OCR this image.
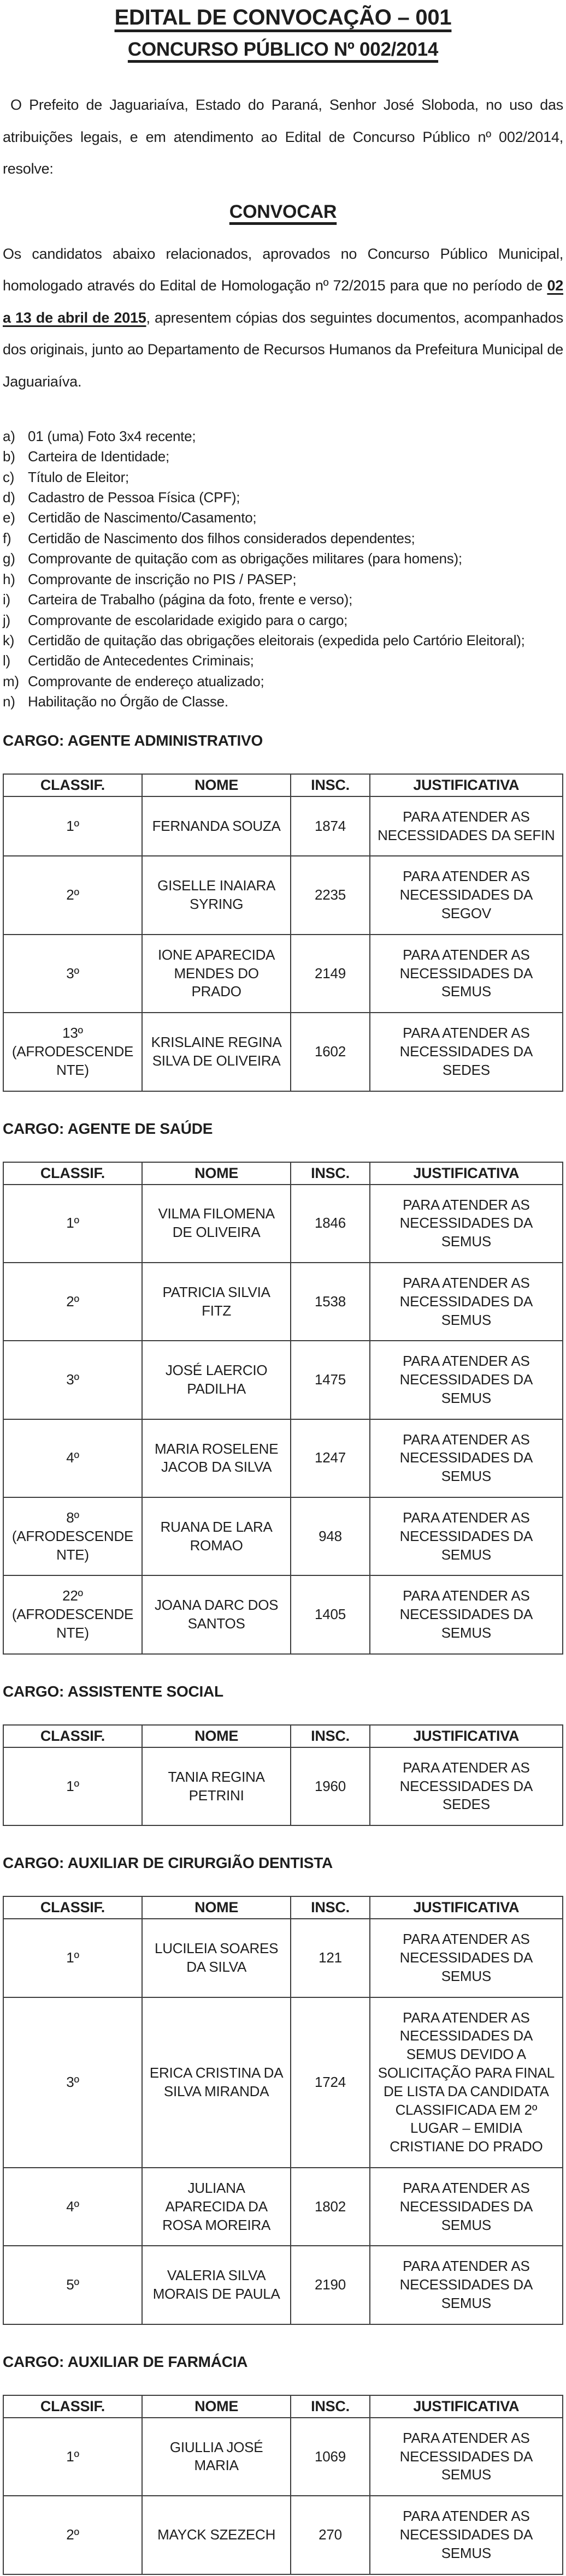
EDITAL DE CONVOCAÇÃO – 001
CONCURSO PÚBLICO Nº 002/2014

O Prefeito de Jaguariaíva, Estado do Paraná, Senhor José Sloboda, no uso das atribuições legais, e em atendimento ao Edital de Concurso Público nº 002/2014, resolve:

CONVOCAR

Os candidatos abaixo relacionados, aprovados no Concurso Público Municipal, homologado através do Edital de Homologação nº 72/2015 para que no período de 02 a 13 de abril de 2015, apresentem cópias dos seguintes documentos, acompanhados dos originais, junto ao Departamento de Recursos Humanos da Prefeitura Municipal de Jaguariaíva.

a) 01 (uma) Foto 3x4 recente;
b) Carteira de Identidade;
c) Título de Eleitor;
d) Cadastro de Pessoa Física (CPF);
e) Certidão de Nascimento/Casamento;
f)	Certidão de Nascimento dos filhos considerados dependentes;
g) Comprovante de quitação com as obrigações militares (para homens);
h) Comprovante de inscrição no PIS / PASEP;
i)	Carteira de Trabalho (página da foto, frente e verso);
j)	Comprovante de escolaridade exigido para o cargo;
k) Certidão de quitação das obrigações eleitorais (expedida pelo Cartório Eleitoral);
l)	Certidão de Antecedentes Criminais;
m) Comprovante de endereço atualizado;
n) Habilitação no Órgão de Classe.
CARGO: AGENTE ADMINISTRATIVO
CLASSIF.	NOME	INSC.	JUSTIFICATIVA
1º	FERNANDA SOUZA	1874	PARA ATENDER AS NECESSIDADES DA SEFIN
2º	GISELLE INAIARA SYRING	2235	PARA ATENDER AS NECESSIDADES DA SEGOV
3º	IONE APARECIDA MENDES DO PRADO	2149	PARA ATENDER AS NECESSIDADES DA SEMUS
13º (AFRODESCENDENTE)	KRISLAINE REGINA SILVA DE OLIVEIRA	1602	PARA ATENDER AS NECESSIDADES DA SEDES
CARGO: AGENTE DE SAÚDE
CLASSIF.	NOME	INSC.	JUSTIFICATIVA
1º	VILMA FILOMENA DE OLIVEIRA	1846	PARA ATENDER AS NECESSIDADES DA SEMUS
2º	PATRICIA SILVIA FITZ	1538	PARA ATENDER AS NECESSIDADES DA SEMUS
3º	JOSÉ LAERCIO PADILHA	1475	PARA ATENDER AS NECESSIDADES DA SEMUS
4º	MARIA ROSELENE JACOB DA SILVA	1247	PARA ATENDER AS NECESSIDADES DA SEMUS
8º (AFRODESCENDENTE)	RUANA DE LARA ROMAO	948	PARA ATENDER AS NECESSIDADES DA SEMUS
22º (AFRODESCENDENTE)	JOANA DARC DOS SANTOS	1405	PARA ATENDER AS NECESSIDADES DA SEMUS
CARGO: ASSISTENTE SOCIAL
CLASSIF.	NOME	INSC.	JUSTIFICATIVA
1º	TANIA REGINA PETRINI	1960	PARA ATENDER AS NECESSIDADES DA SEDES
CARGO: AUXILIAR DE CIRURGIÃO DENTISTA
CLASSIF.	NOME	INSC.	JUSTIFICATIVA
1º	LUCILEIA SOARES DA SILVA	121	PARA ATENDER AS NECESSIDADES DA SEMUS
3º	ERICA CRISTINA DA SILVA MIRANDA	1724	PARA ATENDER AS NECESSIDADES DA SEMUS DEVIDO A SOLICITAÇÃO PARA FINAL DE LISTA DA CANDIDATA CLASSIFICADA EM 2º LUGAR – EMIDIA CRISTIANE DO PRADO
4º	JULIANA APARECIDA DA ROSA MOREIRA	1802	PARA ATENDER AS NECESSIDADES DA SEMUS
5º	VALERIA SILVA MORAIS DE PAULA	2190	PARA ATENDER AS NECESSIDADES DA SEMUS
CARGO: AUXILIAR DE FARMÁCIA
CLASSIF.	NOME	INSC.	JUSTIFICATIVA
1º	GIULLIA JOSÉ MARIA	1069	PARA ATENDER AS NECESSIDADES DA SEMUS
2º	MAYCK SZEZECH	270	PARA ATENDER AS NECESSIDADES DA SEMUS
